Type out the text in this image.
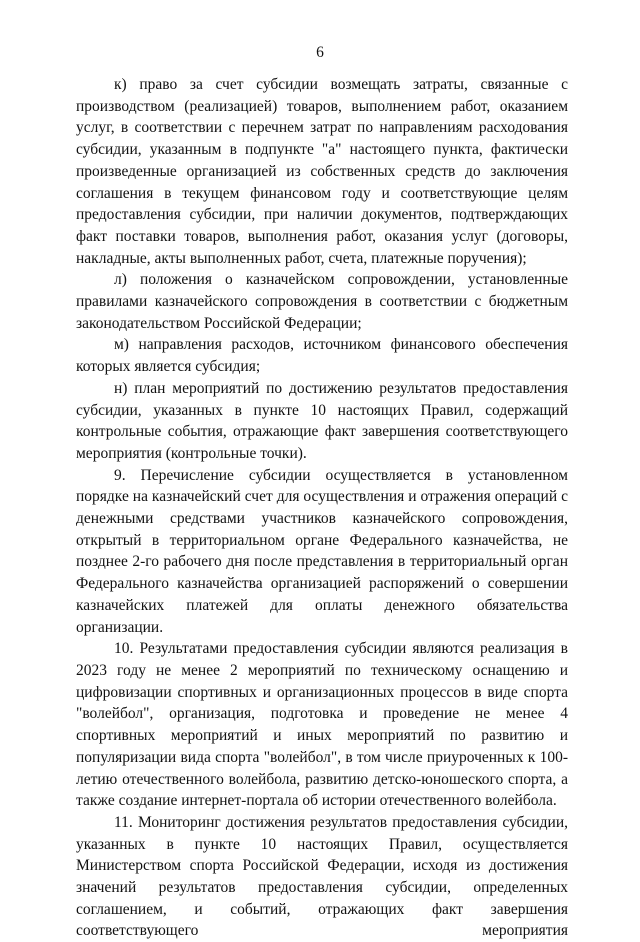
6

к) право за счет субсидии возмещать затраты, связанные с производством (реализацией) товаров, выполнением работ, оказанием услуг, в соответствии с перечнем затрат по направлениям расходования субсидии, указанным в подпункте "а" настоящего пункта, фактически произведенные организацией из собственных средств до заключения соглашения в текущем финансовом году и соответствующие целям предоставления субсидии, при наличии документов, подтверждающих факт поставки товаров, выполнения работ, оказания услуг (договоры, накладные, акты выполненных работ, счета, платежные поручения);

л) положения о казначейском сопровождении, установленные правилами казначейского сопровождения в соответствии с бюджетным законодательством Российской Федерации;

м) направления расходов, источником финансового обеспечения которых является субсидия;

н) план мероприятий по достижению результатов предоставления субсидии, указанных в пункте 10 настоящих Правил, содержащий контрольные события, отражающие факт завершения соответствующего мероприятия (контрольные точки).

9. Перечисление субсидии осуществляется в установленном порядке на казначейский счет для осуществления и отражения операций с денежными средствами участников казначейского сопровождения, открытый в территориальном органе Федерального казначейства, не позднее 2-го рабочего дня после представления в территориальный орган Федерального казначейства организацией распоряжений о совершении казначейских платежей для оплаты денежного обязательства организации.

10. Результатами предоставления субсидии являются реализация в 2023 году не менее 2 мероприятий по техническому оснащению и цифровизации спортивных и организационных процессов в виде спорта "волейбол", организация, подготовка и проведение не менее 4 спортивных мероприятий и иных мероприятий по развитию и популяризации вида спорта "волейбол", в том числе приуроченных к 100-летию отечественного волейбола, развитию детско-юношеского спорта, а также создание интернет-портала об истории отечественного волейбола.

11. Мониторинг достижения результатов предоставления субсидии, указанных в пункте 10 настоящих Правил, осуществляется Министерством спорта Российской Федерации, исходя из достижения значений результатов предоставления субсидии, определенных соглашением, и событий, отражающих факт завершения соответствующего мероприятия
